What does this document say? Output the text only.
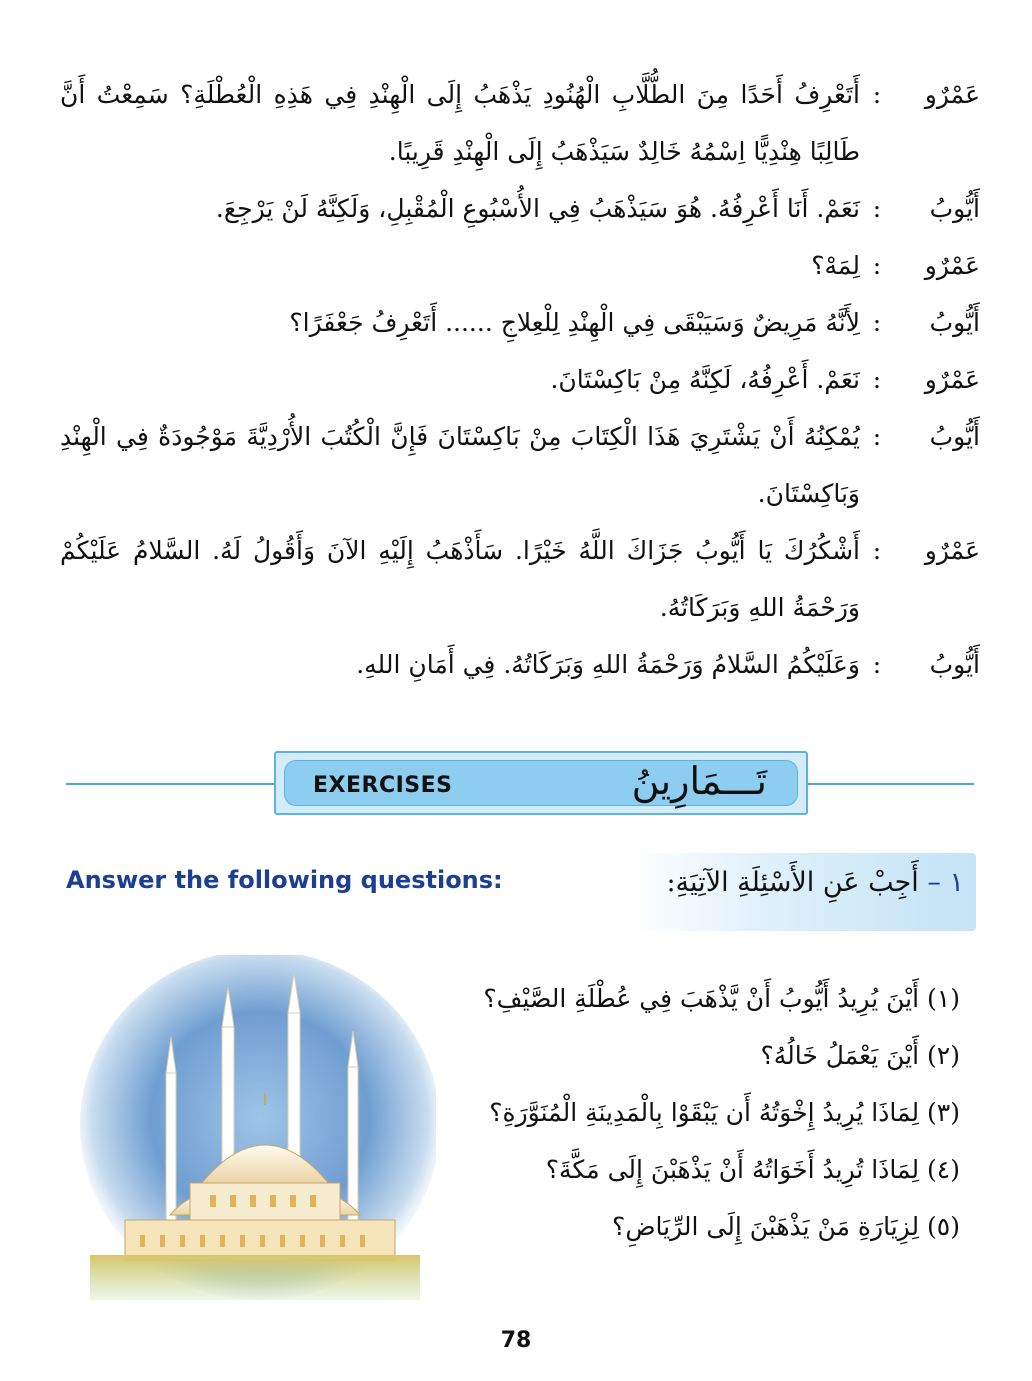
عَمْرٌو
:
أَتَعْرِفُ أَحَدًا مِنَ الطُّلَّابِ الْهُنُودِ يَذْهَبُ إِلَى الْهِنْدِ فِي هَذِهِ الْعُطْلَةِ؟ سَمِعْتُ أَنَّ طَالِبًا هِنْدِيًّا اِسْمُهُ خَالِدٌ سَيَذْهَبُ إِلَى الْهِنْدِ قَرِيبًا.
أَيُّوبُ
:
نَعَمْ. أَنَا أَعْرِفُهُ. هُوَ سَيَذْهَبُ فِي الأُسْبُوعِ الْمُقْبِلِ، وَلَكِنَّهُ لَنْ يَرْجِعَ.
عَمْرٌو
:
لِمَهْ؟
أَيُّوبُ
:
لِأَنَّهُ مَرِيضٌ وَسَيَبْقَى فِي الْهِنْدِ لِلْعِلاجِ ...... أَتَعْرِفُ جَعْفَرًا؟
عَمْرٌو
:
نَعَمْ. أَعْرِفُهُ، لَكِنَّهُ مِنْ بَاكِسْتَانَ.
أَيُّوبُ
:
يُمْكِنُهُ أَنْ يَشْتَرِيَ هَذَا الْكِتَابَ مِنْ بَاكِسْتَانَ فَإِنَّ الْكُتُبَ الأُرْدِيَّةَ مَوْجُودَةٌ فِي الْهِنْدِ وَبَاكِسْتَانَ.
عَمْرٌو
:
أَشْكُرُكَ يَا أَيُّوبُ جَزَاكَ اللَّهُ خَيْرًا. سَأَذْهَبُ إِلَيْهِ الآنَ وَأَقُولُ لَهُ. السَّلامُ عَلَيْكُمْ وَرَحْمَةُ اللهِ وَبَرَكَاتُهُ.
أَيُّوبُ
:
وَعَلَيْكُمُ السَّلامُ وَرَحْمَةُ اللهِ وَبَرَكَاتُهُ. فِي أَمَانِ اللهِ.
EXERCISES	تَـــمَارِينُ
Answer the following questions:	١ – أَجِبْ عَنِ الأَسْئِلَةِ الآتِيَةِ:
(١) أَيْنَ يُرِيدُ أَيُّوبُ أَنْ يَّذْهَبَ فِي عُطْلَةِ الصَّيْفِ؟
(٢) أَيْنَ يَعْمَلُ خَالُهُ؟
(٣) لِمَاذَا يُرِيدُ إِخْوَتُهُ أَن يَبْقَوْا بِالْمَدِينَةِ الْمُنَوَّرَةِ؟
(٤) لِمَاذَا تُرِيدُ أَخَوَاتُهُ أَنْ يَذْهَبْنَ إِلَى مَكَّةَ؟
(٥) لِزِيَارَةِ مَنْ يَذْهَبْنَ إِلَى الرِّيَاضِ؟
78
